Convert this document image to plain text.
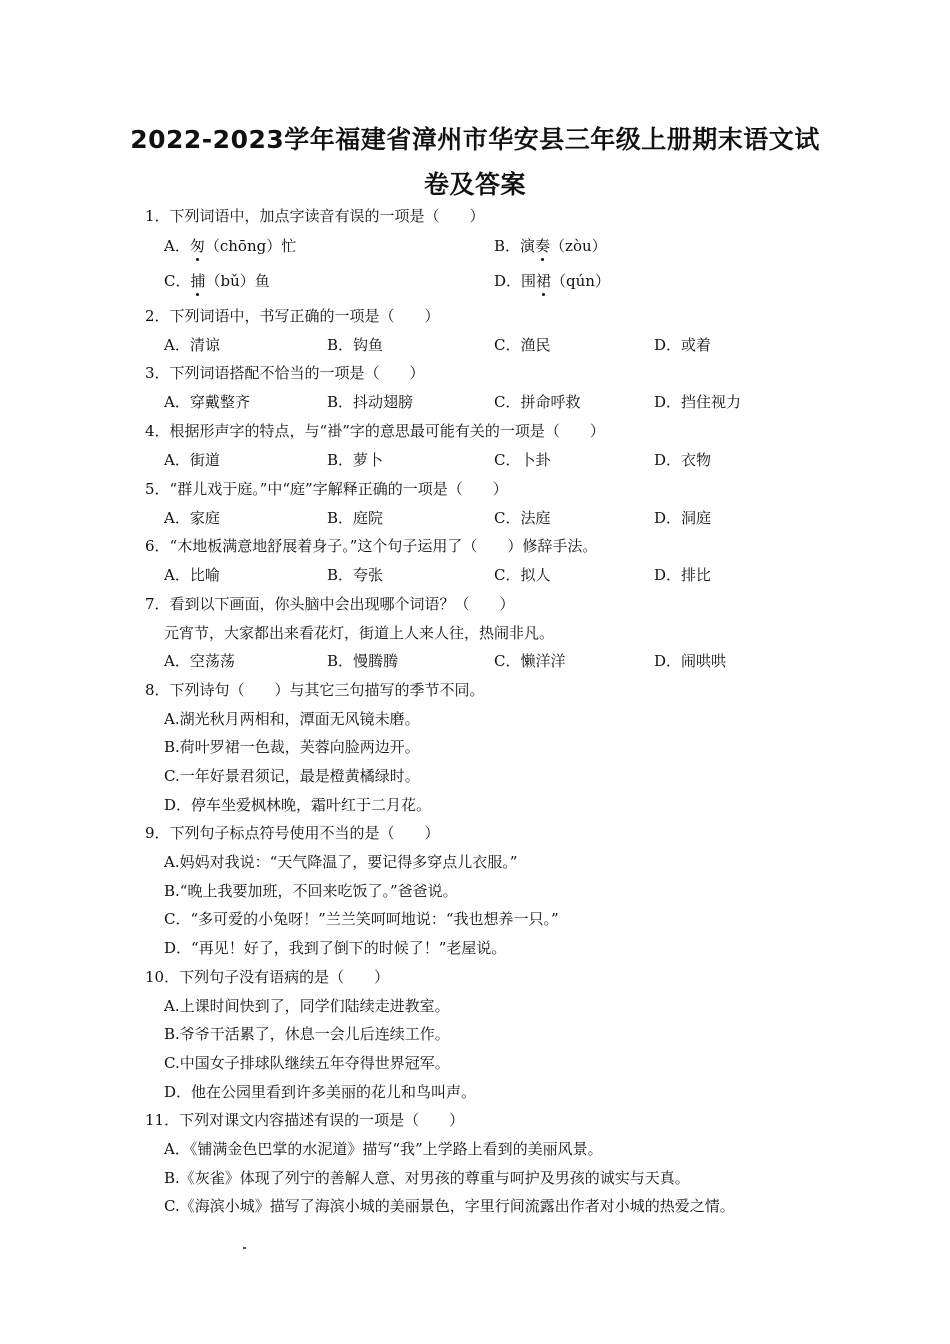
2022-2023学年福建省漳州市华安县三年级上册期末语文试
卷及答案
1．下列词语中，加点字读音有误的一项是（　　）
A．匆（chōng）忙	B．演奏（zòu）
C．捕（bǔ）鱼	D．围裙（qún）
2．下列词语中，书写正确的一项是（　　）
A．清谅	B．钩鱼	C．渔民	D．或着
3．下列词语搭配不恰当的一项是（　　）
A．穿戴整齐	B．抖动翅膀	C．拼命呼救	D．挡住视力
4．根据形声字的特点，与“褂”字的意思最可能有关的一项是（　　）
A．街道	B．萝卜	C．卜卦	D．衣物
5．“群儿戏于庭。”中“庭”字解释正确的一项是（　　）
A．家庭	B．庭院	C．法庭	D．洞庭
6．“木地板满意地舒展着身子。”这个句子运用了（　　）修辞手法。
A．比喻	B．夸张	C．拟人	D．排比
7．看到以下画面，你头脑中会出现哪个词语？（　　）
元宵节，大家都出来看花灯，街道上人来人往，热闹非凡。
A．空荡荡	B．慢腾腾	C．懒洋洋	D．闹哄哄
8．下列诗句（　　）与其它三句描写的季节不同。
A.湖光秋月两相和，潭面无风镜未磨。
B.荷叶罗裙一色裁，芙蓉向脸两边开。
C.一年好景君须记，最是橙黄橘绿时。
D．停车坐爱枫林晚，霜叶红于二月花。
9．下列句子标点符号使用不当的是（　　）
A.妈妈对我说：“天气降温了，要记得多穿点儿衣服。”
B.“晚上我要加班，不回来吃饭了。”爸爸说。
C．“多可爱的小兔呀！”兰兰笑呵呵地说：“我也想养一只。”
D．“再见！好了，我到了倒下的时候了！”老屋说。
10．下列句子没有语病的是（　　）
A.上课时间快到了，同学们陆续走进教室。
B.爷爷干活累了，休息一会儿后连续工作。
C.中国女子排球队继续五年夺得世界冠军。
D．他在公园里看到许多美丽的花儿和鸟叫声。
11．下列对课文内容描述有误的一项是（　　）
A．《铺满金色巴掌的水泥道》描写“我”上学路上看到的美丽风景。
B.《灰雀》体现了列宁的善解人意、对男孩的尊重与呵护及男孩的诚实与天真。
C.《海滨小城》描写了海滨小城的美丽景色，字里行间流露出作者对小城的热爱之情。
